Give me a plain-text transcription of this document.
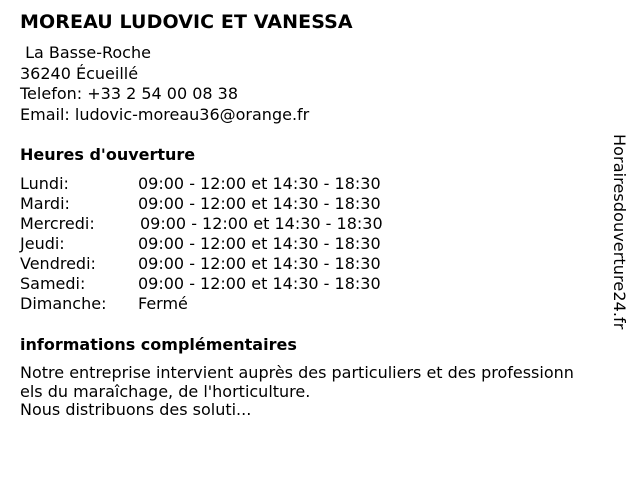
MOREAU LUDOVIC ET VANESSA
La Basse-Roche
36240 Écueillé
Telefon: +33 2 54 00 08 38
Email: ludovic-moreau36@orange.fr
Heures d'ouverture
Lundi:	09:00 - 12:00 et 14:30 - 18:30
Mardi:	09:00 - 12:00 et 14:30 - 18:30
Mercredi:	09:00 - 12:00 et 14:30 - 18:30
Jeudi:	09:00 - 12:00 et 14:30 - 18:30
Vendredi:	09:00 - 12:00 et 14:30 - 18:30
Samedi:	09:00 - 12:00 et 14:30 - 18:30
Dimanche: Fermé
informations complémentaires
Notre entreprise intervient auprès des particuliers et des professionn
els du maraîchage, de l'horticulture.
Nous distribuons des soluti...
Horairesdouverture24.fr
